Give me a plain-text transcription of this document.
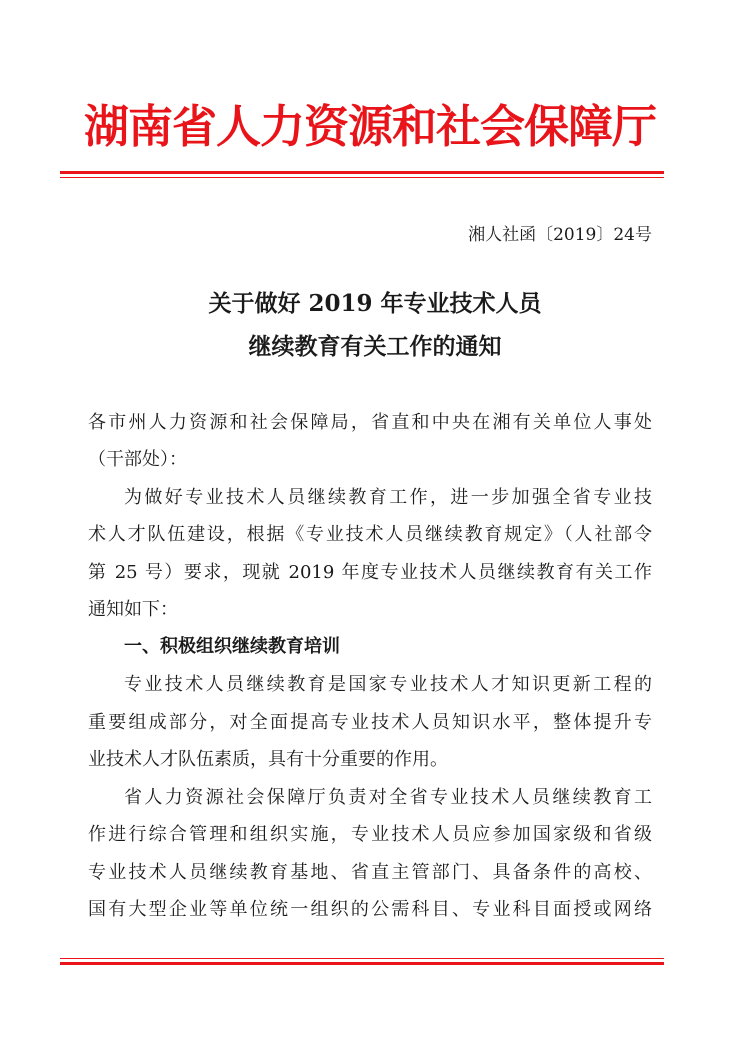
湖南省人力资源和社会保障厅
湘人社函〔2019〕24号
关于做好 2019 年专业技术人员
继续教育有关工作的通知
各市州人力资源和社会保障局，省直和中央在湘有关单位人事处
（干部处）：
为做好专业技术人员继续教育工作，进一步加强全省专业技
术人才队伍建设，根据《专业技术人员继续教育规定》（人社部令
第 25 号）要求，现就 2019 年度专业技术人员继续教育有关工作
通知如下：
一、积极组织继续教育培训
专业技术人员继续教育是国家专业技术人才知识更新工程的
重要组成部分，对全面提高专业技术人员知识水平，整体提升专
业技术人才队伍素质，具有十分重要的作用。
省人力资源社会保障厅负责对全省专业技术人员继续教育工
作进行综合管理和组织实施，专业技术人员应参加国家级和省级
专业技术人员继续教育基地、省直主管部门、具备条件的高校、
国有大型企业等单位统一组织的公需科目、专业科目面授或网络
